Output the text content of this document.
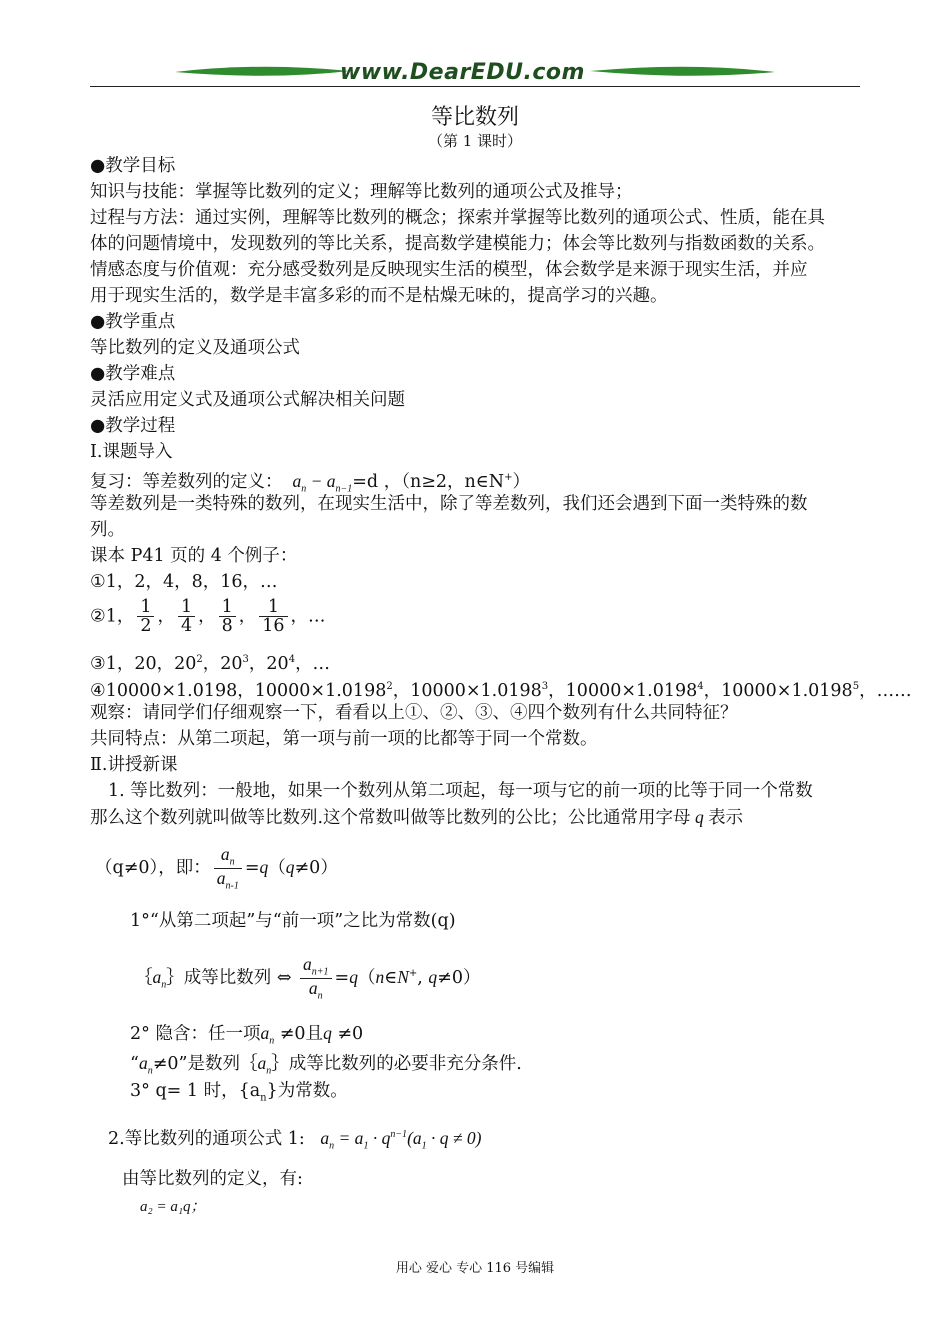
www.DearEDU.com
等比数列
（第 1 课时）
●教学目标
知识与技能：掌握等比数列的定义；理解等比数列的通项公式及推导；
过程与方法：通过实例，理解等比数列的概念；探索并掌握等比数列的通项公式、性质，能在具
体的问题情境中，发现数列的等比关系，提高数学建模能力；体会等比数列与指数函数的关系。
情感态度与价值观：充分感受数列是反映现实生活的模型，体会数学是来源于现实生活，并应
用于现实生活的，数学是丰富多彩的而不是枯燥无味的，提高学习的兴趣。
●教学重点
等比数列的定义及通项公式
●教学难点
灵活应用定义式及通项公式解决相关问题
●教学过程
Ⅰ.课题导入
复习：等差数列的定义：  $a_n - a_{n-1}=d$ ，（n≥2，n∈N+）
等差数列是一类特殊的数列，在现实生活中，除了等差数列，我们还会遇到下面一类特殊的数
列。
课本 P41 页的 4 个例子：
①1，2，4，8，16，…
②1， $\frac{1}{2}$ ， $\frac{1}{4}$ ， $\frac{1}{8}$ ， $\frac{1}{16}$ ，…
③1，20，$20^2$，$20^3$，$20^4$，…
④10000×1.0198，$10000\times 1.0198^2$，$10000\times 1.0198^3$，$10000\times 1.0198^4$，$10000\times 1.0198^5$，……
观察：请同学们仔细观察一下，看看以上①、②、③、④四个数列有什么共同特征？
共同特点：从第二项起，第一项与前一项的比都等于同一个常数。
Ⅱ.讲授新课
1. 等比数列：一般地，如果一个数列从第二项起，每一项与它的前一项的比等于同一个常数
那么这个数列就叫做等比数列.这个常数叫做等比数列的公比；公比通常用字母 q 表示
（q≠0），即： $\frac{a_n}{a_{n-1}} =q(q\ne 0)$
1°“从第二项起”与“前一项”之比为常数(q)
$\{a_n\}$成等比数列 ⇔ $\frac{a_{n+1}}{a_n}$ =q（n∈N+, q≠0）
2° 隐含：任一项$a_n \ne 0$且q ≠0
“$a_n\ne 0$”是数列$\{a_n\}$成等比数列的必要非充分条件.
3° q= 1 时，$\{a_n\}$为常数。
2.等比数列的通项公式 1: $a_n = a_1 \cdot q^{n-1}(a_1 \cdot q \ne 0)$
由等比数列的定义，有:
a₂ = a₁q；
用心 爱心 专心 116 号编辑
